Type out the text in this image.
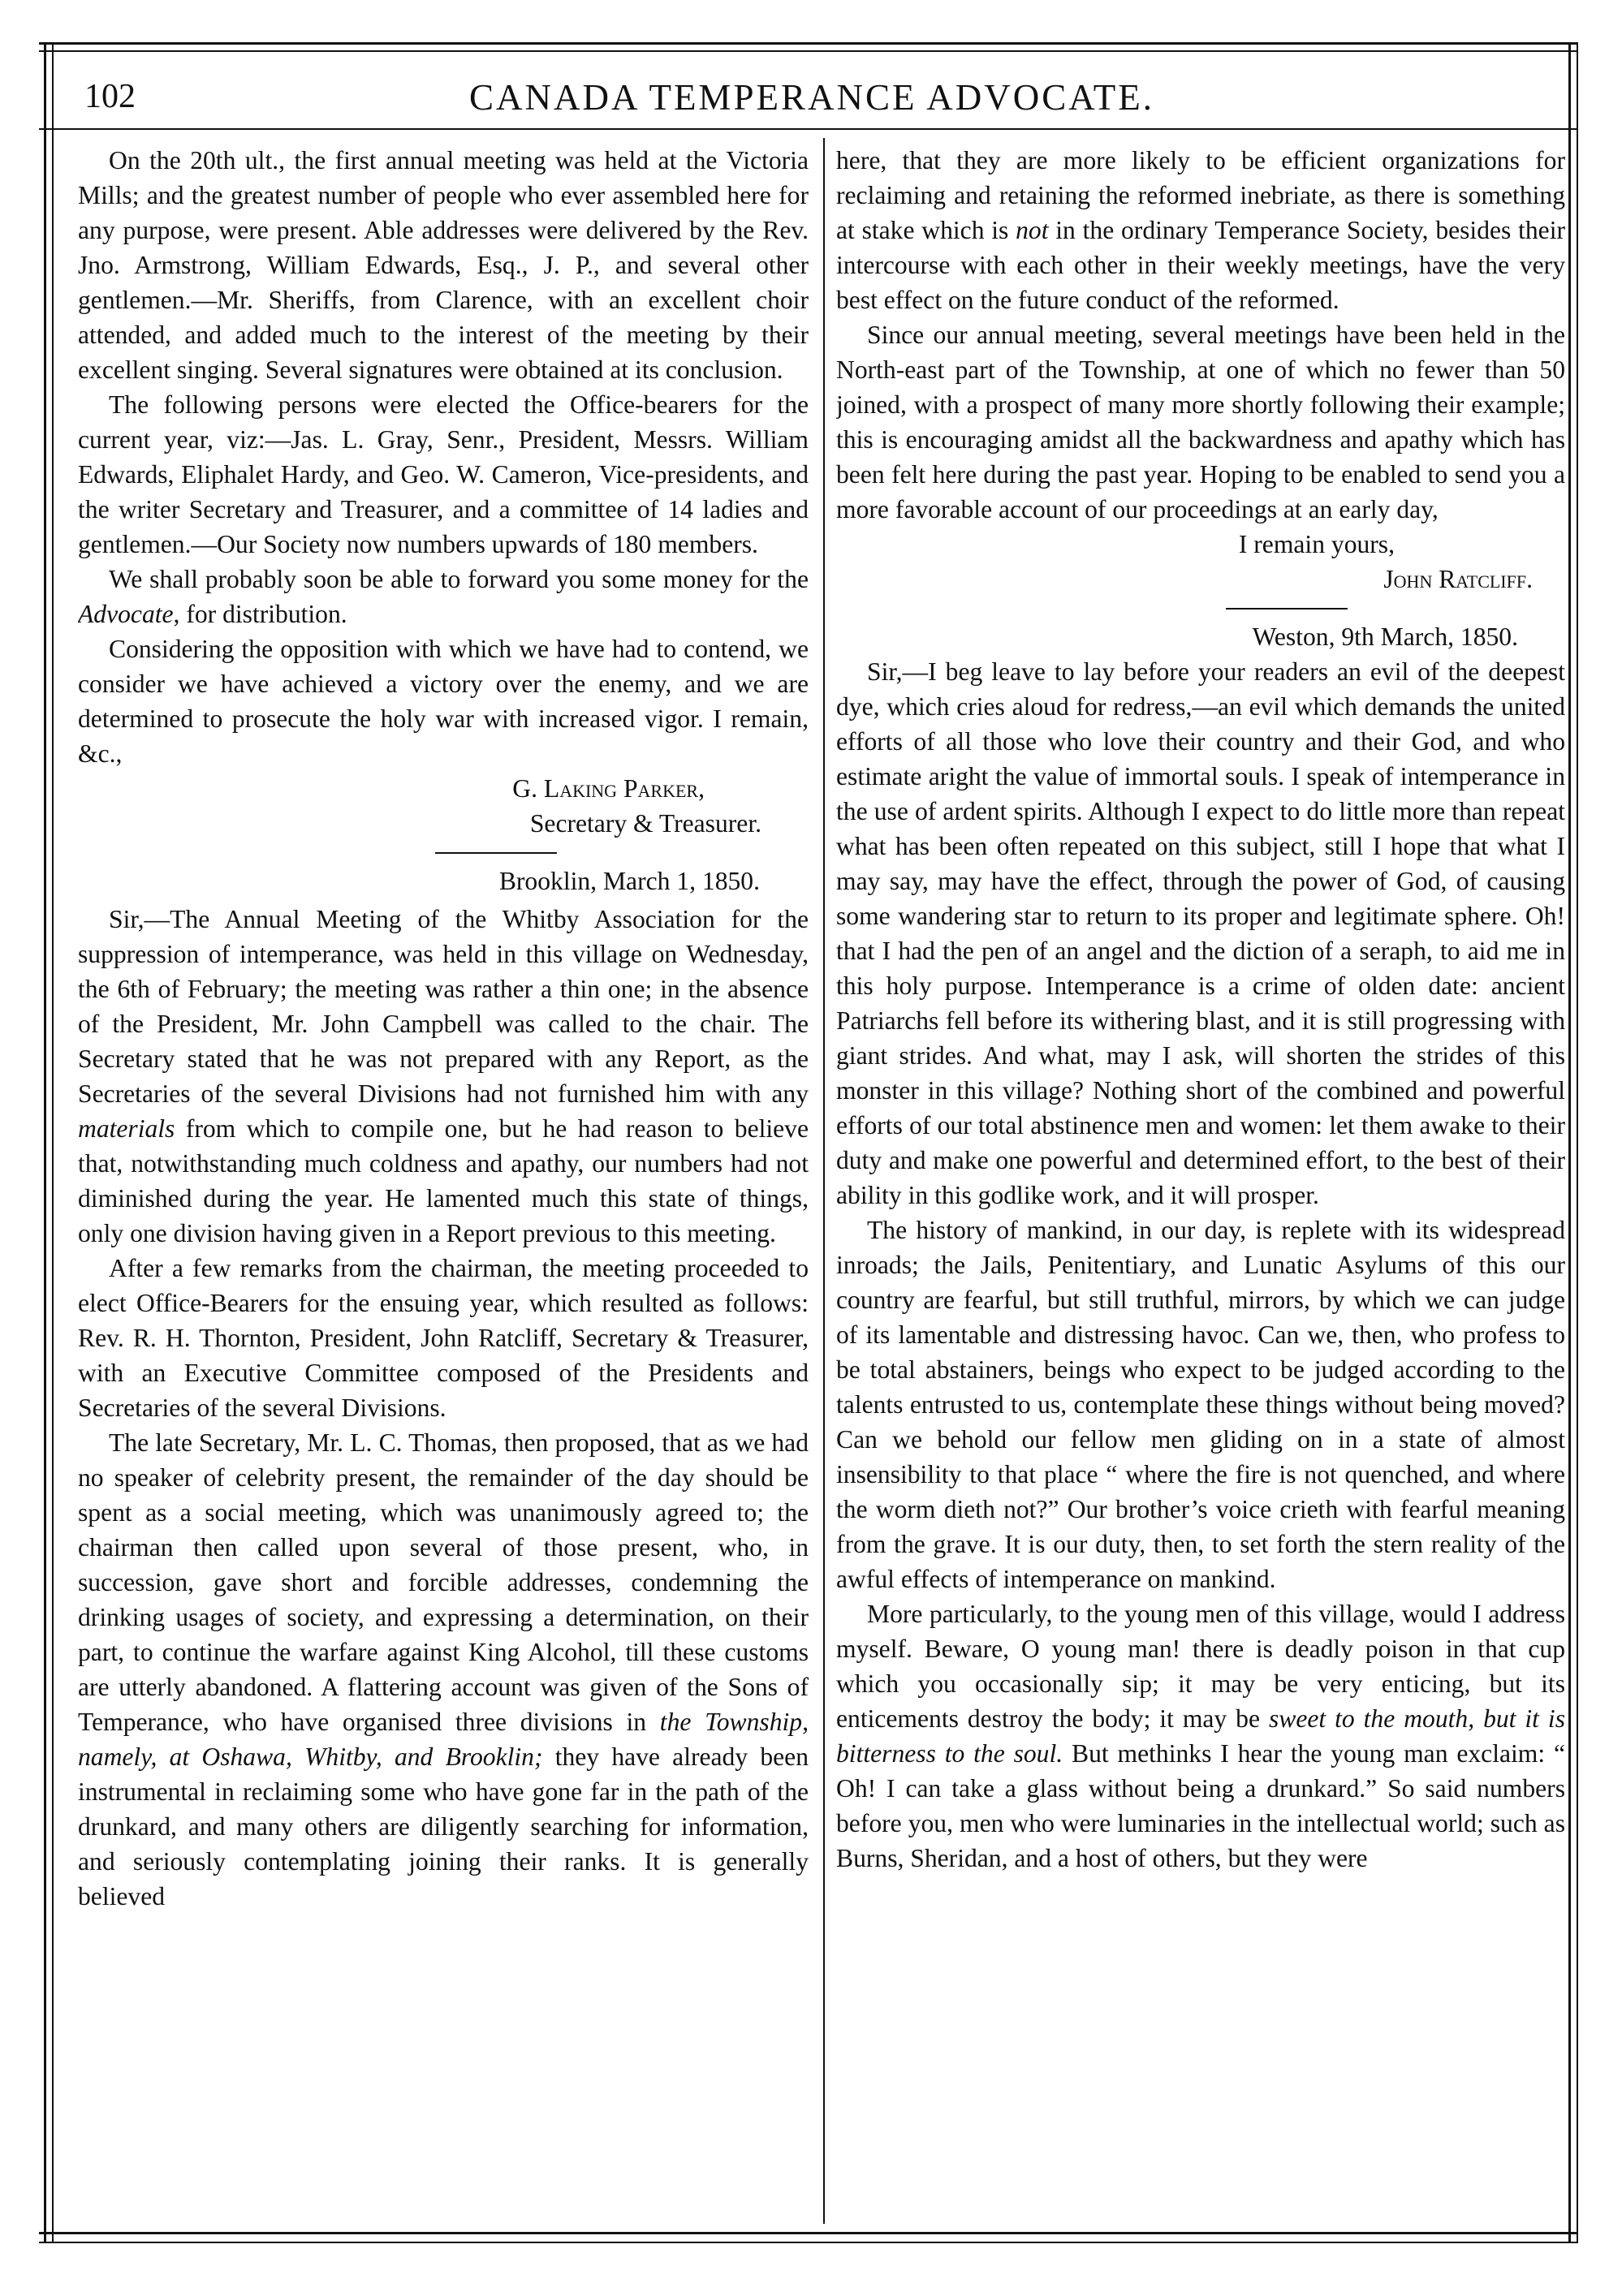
102	CANADA TEMPERANCE ADVOCATE.

On the 20th ult., the first annual meeting was held at the Victoria Mills; and the greatest number of people who ever assembled here for any purpose, were present. Able addresses were delivered by the Rev. Jno. Armstrong, William Edwards, Esq., J. P., and several other gentlemen.—Mr. Sheriffs, from Clarence, with an excellent choir attended, and added much to the interest of the meeting by their excellent singing. Several signatures were obtained at its conclusion.

The following persons were elected the Office-bearers for the current year, viz:—Jas. L. Gray, Senr., President, Messrs. William Edwards, Eliphalet Hardy, and Geo. W. Cameron, Vice-presidents, and the writer Secretary and Treasurer, and a committee of 14 ladies and gentlemen.—Our Society now numbers upwards of 180 members.

We shall probably soon be able to forward you some money for the Advocate, for distribution.

Considering the opposition with which we have had to contend, we consider we have achieved a victory over the enemy, and we are determined to prosecute the holy war with increased vigor. I remain, &c.,

G. Laking Parker,

Secretary & Treasurer.

Brooklin, March 1, 1850.

Sir,—The Annual Meeting of the Whitby Association for the suppression of intemperance, was held in this village on Wednesday, the 6th of February; the meeting was rather a thin one; in the absence of the President, Mr. John Campbell was called to the chair. The Secretary stated that he was not prepared with any Report, as the Secretaries of the several Divisions had not furnished him with any materials from which to compile one, but he had reason to believe that, notwithstanding much coldness and apathy, our numbers had not diminished during the year. He lamented much this state of things, only one division having given in a Report previous to this meeting.

After a few remarks from the chairman, the meeting proceeded to elect Office-Bearers for the ensuing year, which resulted as follows: Rev. R. H. Thornton, President, John Ratcliff, Secretary & Treasurer, with an Executive Committee composed of the Presidents and Secretaries of the several Divisions.

The late Secretary, Mr. L. C. Thomas, then proposed, that as we had no speaker of celebrity present, the remainder of the day should be spent as a social meeting, which was unanimously agreed to; the chairman then called upon several of those present, who, in succession, gave short and forcible addresses, condemning the drinking usages of society, and expressing a determination, on their part, to continue the warfare against King Alcohol, till these customs are utterly abandoned. A flattering account was given of the Sons of Temperance, who have organised three divisions in the Township, namely, at Oshawa, Whitby, and Brooklin; they have already been instrumental in reclaiming some who have gone far in the path of the drunkard, and many others are diligently searching for information, and seriously contemplating joining their ranks. It is generally believed

here, that they are more likely to be efficient organizations for reclaiming and retaining the reformed inebriate, as there is something at stake which is not in the ordinary Temperance Society, besides their intercourse with each other in their weekly meetings, have the very best effect on the future conduct of the reformed.

Since our annual meeting, several meetings have been held in the North-east part of the Township, at one of which no fewer than 50 joined, with a prospect of many more shortly following their example; this is encouraging amidst all the backwardness and apathy which has been felt here during the past year. Hoping to be enabled to send you a more favorable account of our proceedings at an early day,

I remain yours,

John Ratcliff.

Weston, 9th March, 1850.

Sir,—I beg leave to lay before your readers an evil of the deepest dye, which cries aloud for redress,—an evil which demands the united efforts of all those who love their country and their God, and who estimate aright the value of immortal souls. I speak of intemperance in the use of ardent spirits. Although I expect to do little more than repeat what has been often repeated on this subject, still I hope that what I may say, may have the effect, through the power of God, of causing some wandering star to return to its proper and legitimate sphere. Oh! that I had the pen of an angel and the diction of a seraph, to aid me in this holy purpose. Intemperance is a crime of olden date: ancient Patriarchs fell before its withering blast, and it is still progressing with giant strides. And what, may I ask, will shorten the strides of this monster in this village? Nothing short of the combined and powerful efforts of our total abstinence men and women: let them awake to their duty and make one powerful and determined effort, to the best of their ability in this godlike work, and it will prosper.

The history of mankind, in our day, is replete with its widespread inroads; the Jails, Penitentiary, and Lunatic Asylums of this our country are fearful, but still truthful, mirrors, by which we can judge of its lamentable and distressing havoc. Can we, then, who profess to be total abstainers, beings who expect to be judged according to the talents entrusted to us, contemplate these things without being moved? Can we behold our fellow men gliding on in a state of almost insensibility to that place “ where the fire is not quenched, and where the worm dieth not?” Our brother’s voice crieth with fearful meaning from the grave. It is our duty, then, to set forth the stern reality of the awful effects of intemperance on mankind.

More particularly, to the young men of this village, would I address myself. Beware, O young man! there is deadly poison in that cup which you occasionally sip; it may be very enticing, but its enticements destroy the body; it may be sweet to the mouth, but it is bitterness to the soul. But methinks I hear the young man exclaim: “ Oh! I can take a glass without being a drunkard.” So said numbers before you, men who were luminaries in the intellectual world; such as Burns, Sheridan, and a host of others, but they were
